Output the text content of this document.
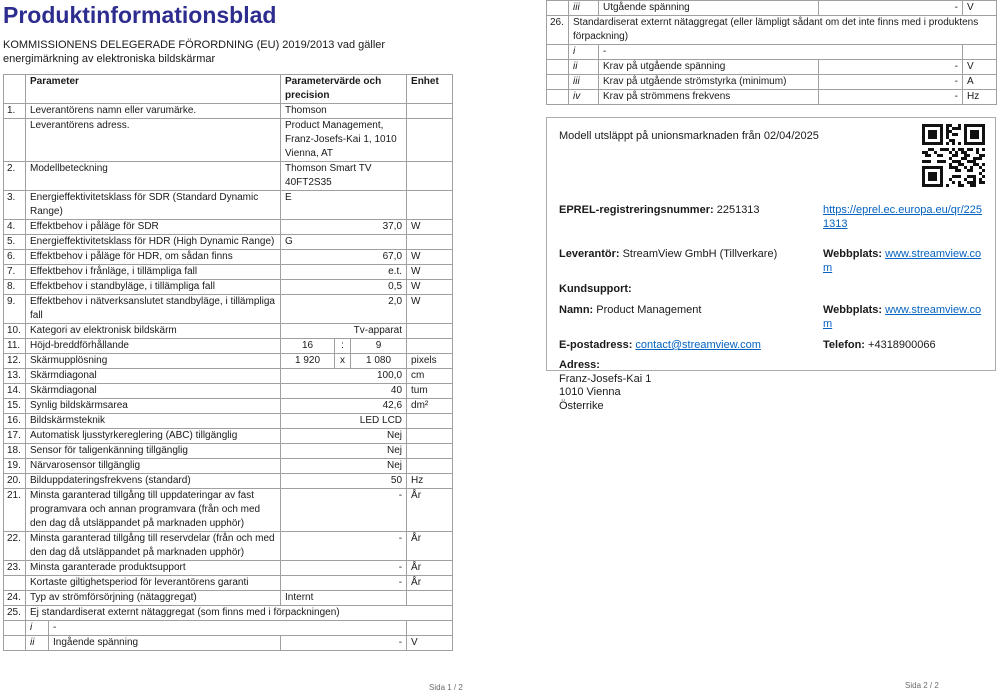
Produktinformationsblad

KOMMISSIONENS DELEGERADE FÖRORDNING (EU) 2019/2013 vad gäller energimärkning av elektroniska bildskärmar

	Parameter		Parametervärde och precision			Enhet
1.	Leverantörens namn eller varumärke.		Thomson			
	Leverantörens adress.		Product Management, Franz-Josefs-Kai 1, 1010 Vienna, AT			
2.	Modellbeteckning		Thomson Smart TV 40FT2S35			
3.	Energieffektivitetsklass för SDR (Standard Dynamic Range)		E			
4.	Effektbehov i påläge för SDR		37,0			W
5.	Energieffektivitetsklass för HDR (High Dynamic Range)		G			
6.	Effektbehov i påläge för HDR, om sådan finns		67,0			W
7.	Effektbehov i frånläge, i tillämpliga fall		e.t.			W
8.	Effektbehov i standbyläge, i tillämpliga fall		0,5			W
9.	Effektbehov i nätverksanslutet standbyläge, i tillämpliga fall		2,0			W
10.	Kategori av elektronisk bildskärm		Tv-apparat			
11.	Höjd-breddförhållande		16	:	9	
12.	Skärmupplösning		1 920	x	1 080	pixels
13.	Skärmdiagonal		100,0			cm
14.	Skärmdiagonal		40			tum
15.	Synlig bildskärmsarea		42,6			dm²
16.	Bildskärmsteknik		LED LCD			
17.	Automatisk ljusstyrkereglering (ABC) tillgänglig		Nej			
18.	Sensor för taligenkänning tillgänglig		Nej			
19.	Närvarosensor tillgänglig		Nej			
20.	Bilduppdateringsfrekvens (standard)		50			Hz
21.	Minsta garanterad tillgång till uppdateringar av fast programvara och annan programvara (från och med den dag då utsläppandet på marknaden upphör)		-			År
22.	Minsta garanterad tillgång till reservdelar (från och med den dag då utsläppandet på marknaden upphör)		-			År
23.	Minsta garanterade produktsupport		-			År
	Kortaste giltighetsperiod för leverantörens garanti		-			År
24.	Typ av strömförsörjning (nätaggregat)		Internt			
25.	Ej standardiserat externt nätaggregat (som finns med i förpackningen)					
	i	-				
	ii	Ingående spänning	-			V
Sida 1 / 2
	iii	Utgående spänning	-	V
26.	Standardiserat externt nätaggregat (eller lämpligt sådant om det inte finns med i produktens förpackning)			
	i	-		
	ii	Krav på utgående spänning	-	V
	iii	Krav på utgående strömstyrka (minimum)	-	A
	iv	Krav på strömmens frekvens	-	Hz
Modell utsläppt på unionsmarknaden från 02/04/2025
EPREL-registreringsnummer: 2251313	https://eprel.ec.europa.eu/qr/2251313
Leverantör: StreamView GmbH (Tillverkare)	Webbplats: www.streamview.com
Kundsupport:
Namn: Product Management	Webbplats: www.streamview.com
E-postadress: contact@streamview.com	Telefon: +4318900066
Adress:
Franz-Josefs-Kai 1
1010 Vienna
Österrike
Sida 2 / 2
